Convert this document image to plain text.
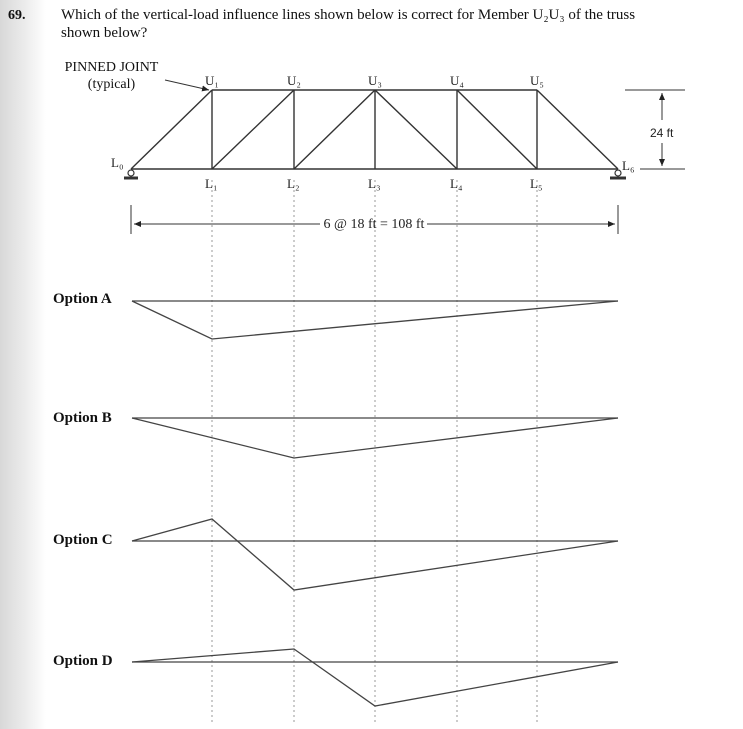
69. Which of the vertical-load influence lines shown below is correct for Member U₂U₃ of the truss
shown below?
PINNED JOINT
(typical)
Option A
Option B
Option C
Option D
U₁	U₂	U₃	U₄	U₅
L₀
L₁	L₂	L₃	L₄	L₅
L₆
24 ft
6 @ 18 ft = 108 ft
